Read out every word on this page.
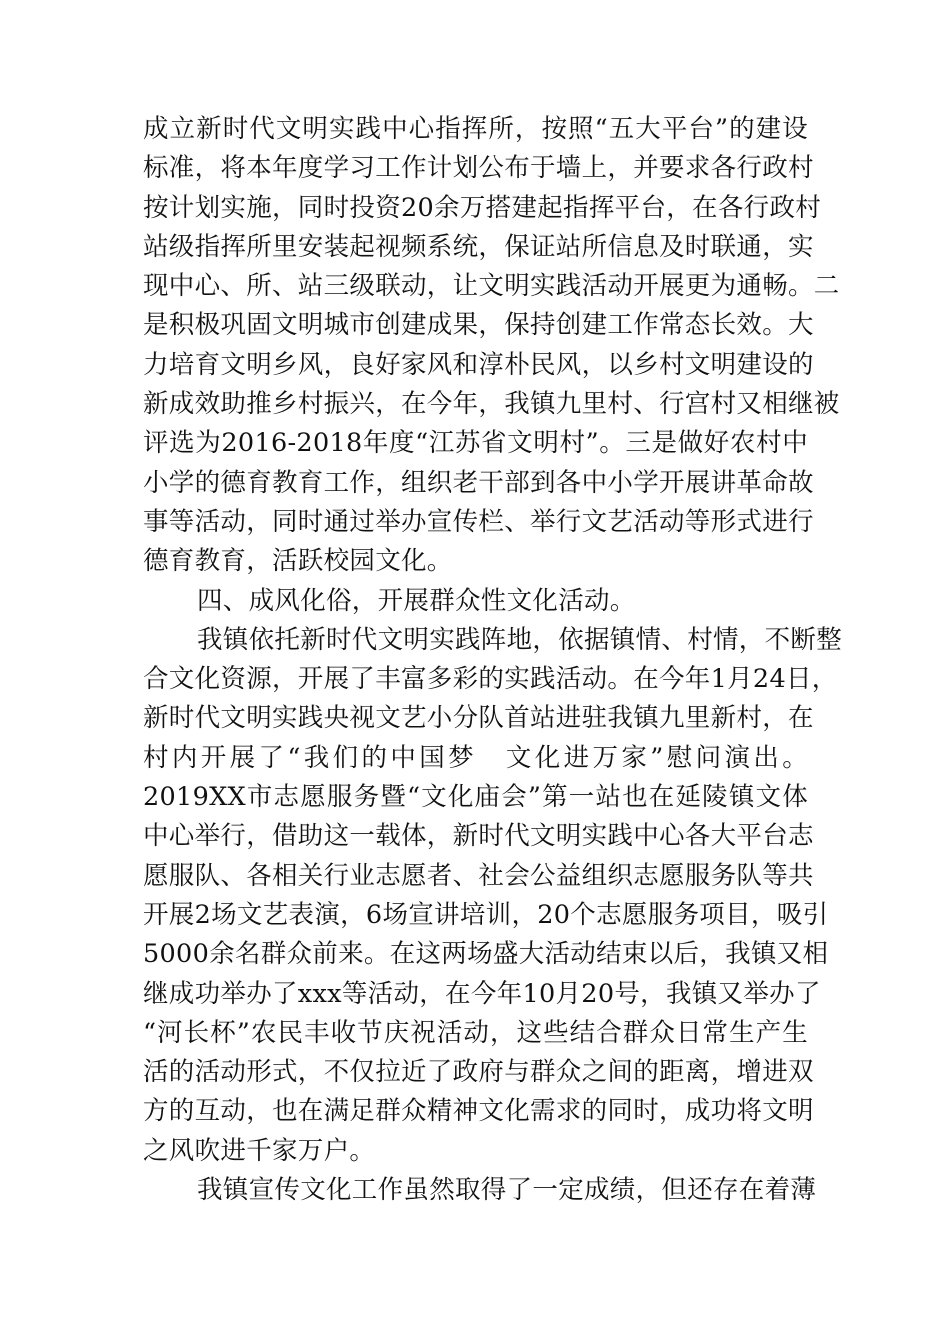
成立新时代文明实践中心指挥所，按照“五大平台”的建设
标准，将本年度学习工作计划公布于墙上，并要求各行政村
按计划实施，同时投资20余万搭建起指挥平台，在各行政村
站级指挥所里安装起视频系统，保证站所信息及时联通，实
现中心、所、站三级联动，让文明实践活动开展更为通畅。二
是积极巩固文明城市创建成果，保持创建工作常态长效。大
力培育文明乡风，良好家风和淳朴民风，以乡村文明建设的
新成效助推乡村振兴，在今年，我镇九里村、行宫村又相继被
评选为2016-2018年度“江苏省文明村”。三是做好农村中
小学的德育教育工作，组织老干部到各中小学开展讲革命故
事等活动，同时通过举办宣传栏、举行文艺活动等形式进行
德育教育，活跃校园文化。
四、成风化俗，开展群众性文化活动。
我镇依托新时代文明实践阵地，依据镇情、村情，不断整
合文化资源，开展了丰富多彩的实践活动。在今年1月24日，
新时代文明实践央视文艺小分队首站进驻我镇九里新村，在
村内开展了“我们的中国梦　文化进万家”慰问演出。
2019XX市志愿服务暨“文化庙会”第一站也在延陵镇文体
中心举行，借助这一载体，新时代文明实践中心各大平台志
愿服队、各相关行业志愿者、社会公益组织志愿服务队等共
开展2场文艺表演，6场宣讲培训，20个志愿服务项目，吸引
5000余名群众前来。在这两场盛大活动结束以后，我镇又相
继成功举办了xxx等活动，在今年10月20号，我镇又举办了
“河长杯”农民丰收节庆祝活动，这些结合群众日常生产生
活的活动形式，不仅拉近了政府与群众之间的距离，增进双
方的互动，也在满足群众精神文化需求的同时，成功将文明
之风吹进千家万户。
我镇宣传文化工作虽然取得了一定成绩，但还存在着薄
